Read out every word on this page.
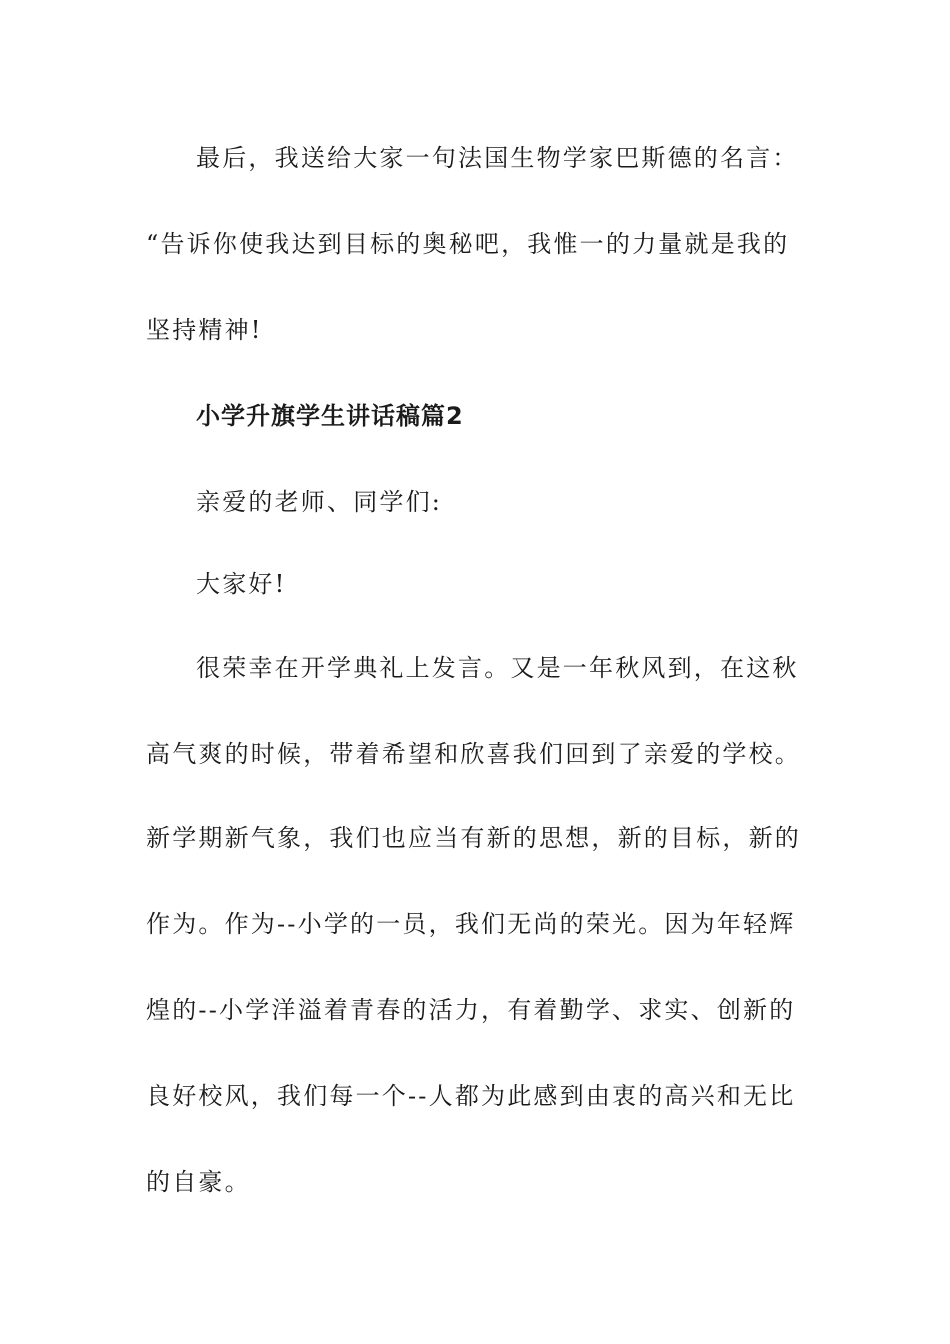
最后，我送给大家一句法国生物学家巴斯德的名言：
“告诉你使我达到目标的奥秘吧，我惟一的力量就是我的
坚持精神!
小学升旗学生讲话稿篇2
亲爱的老师、同学们:
大家好!
很荣幸在开学典礼上发言。又是一年秋风到，在这秋
高气爽的时候，带着希望和欣喜我们回到了亲爱的学校。
新学期新气象，我们也应当有新的思想，新的目标，新的
作为。作为--小学的一员，我们无尚的荣光。因为年轻辉
煌的--小学洋溢着青春的活力，有着勤学、求实、创新的
良好校风，我们每一个--人都为此感到由衷的高兴和无比
的自豪。
